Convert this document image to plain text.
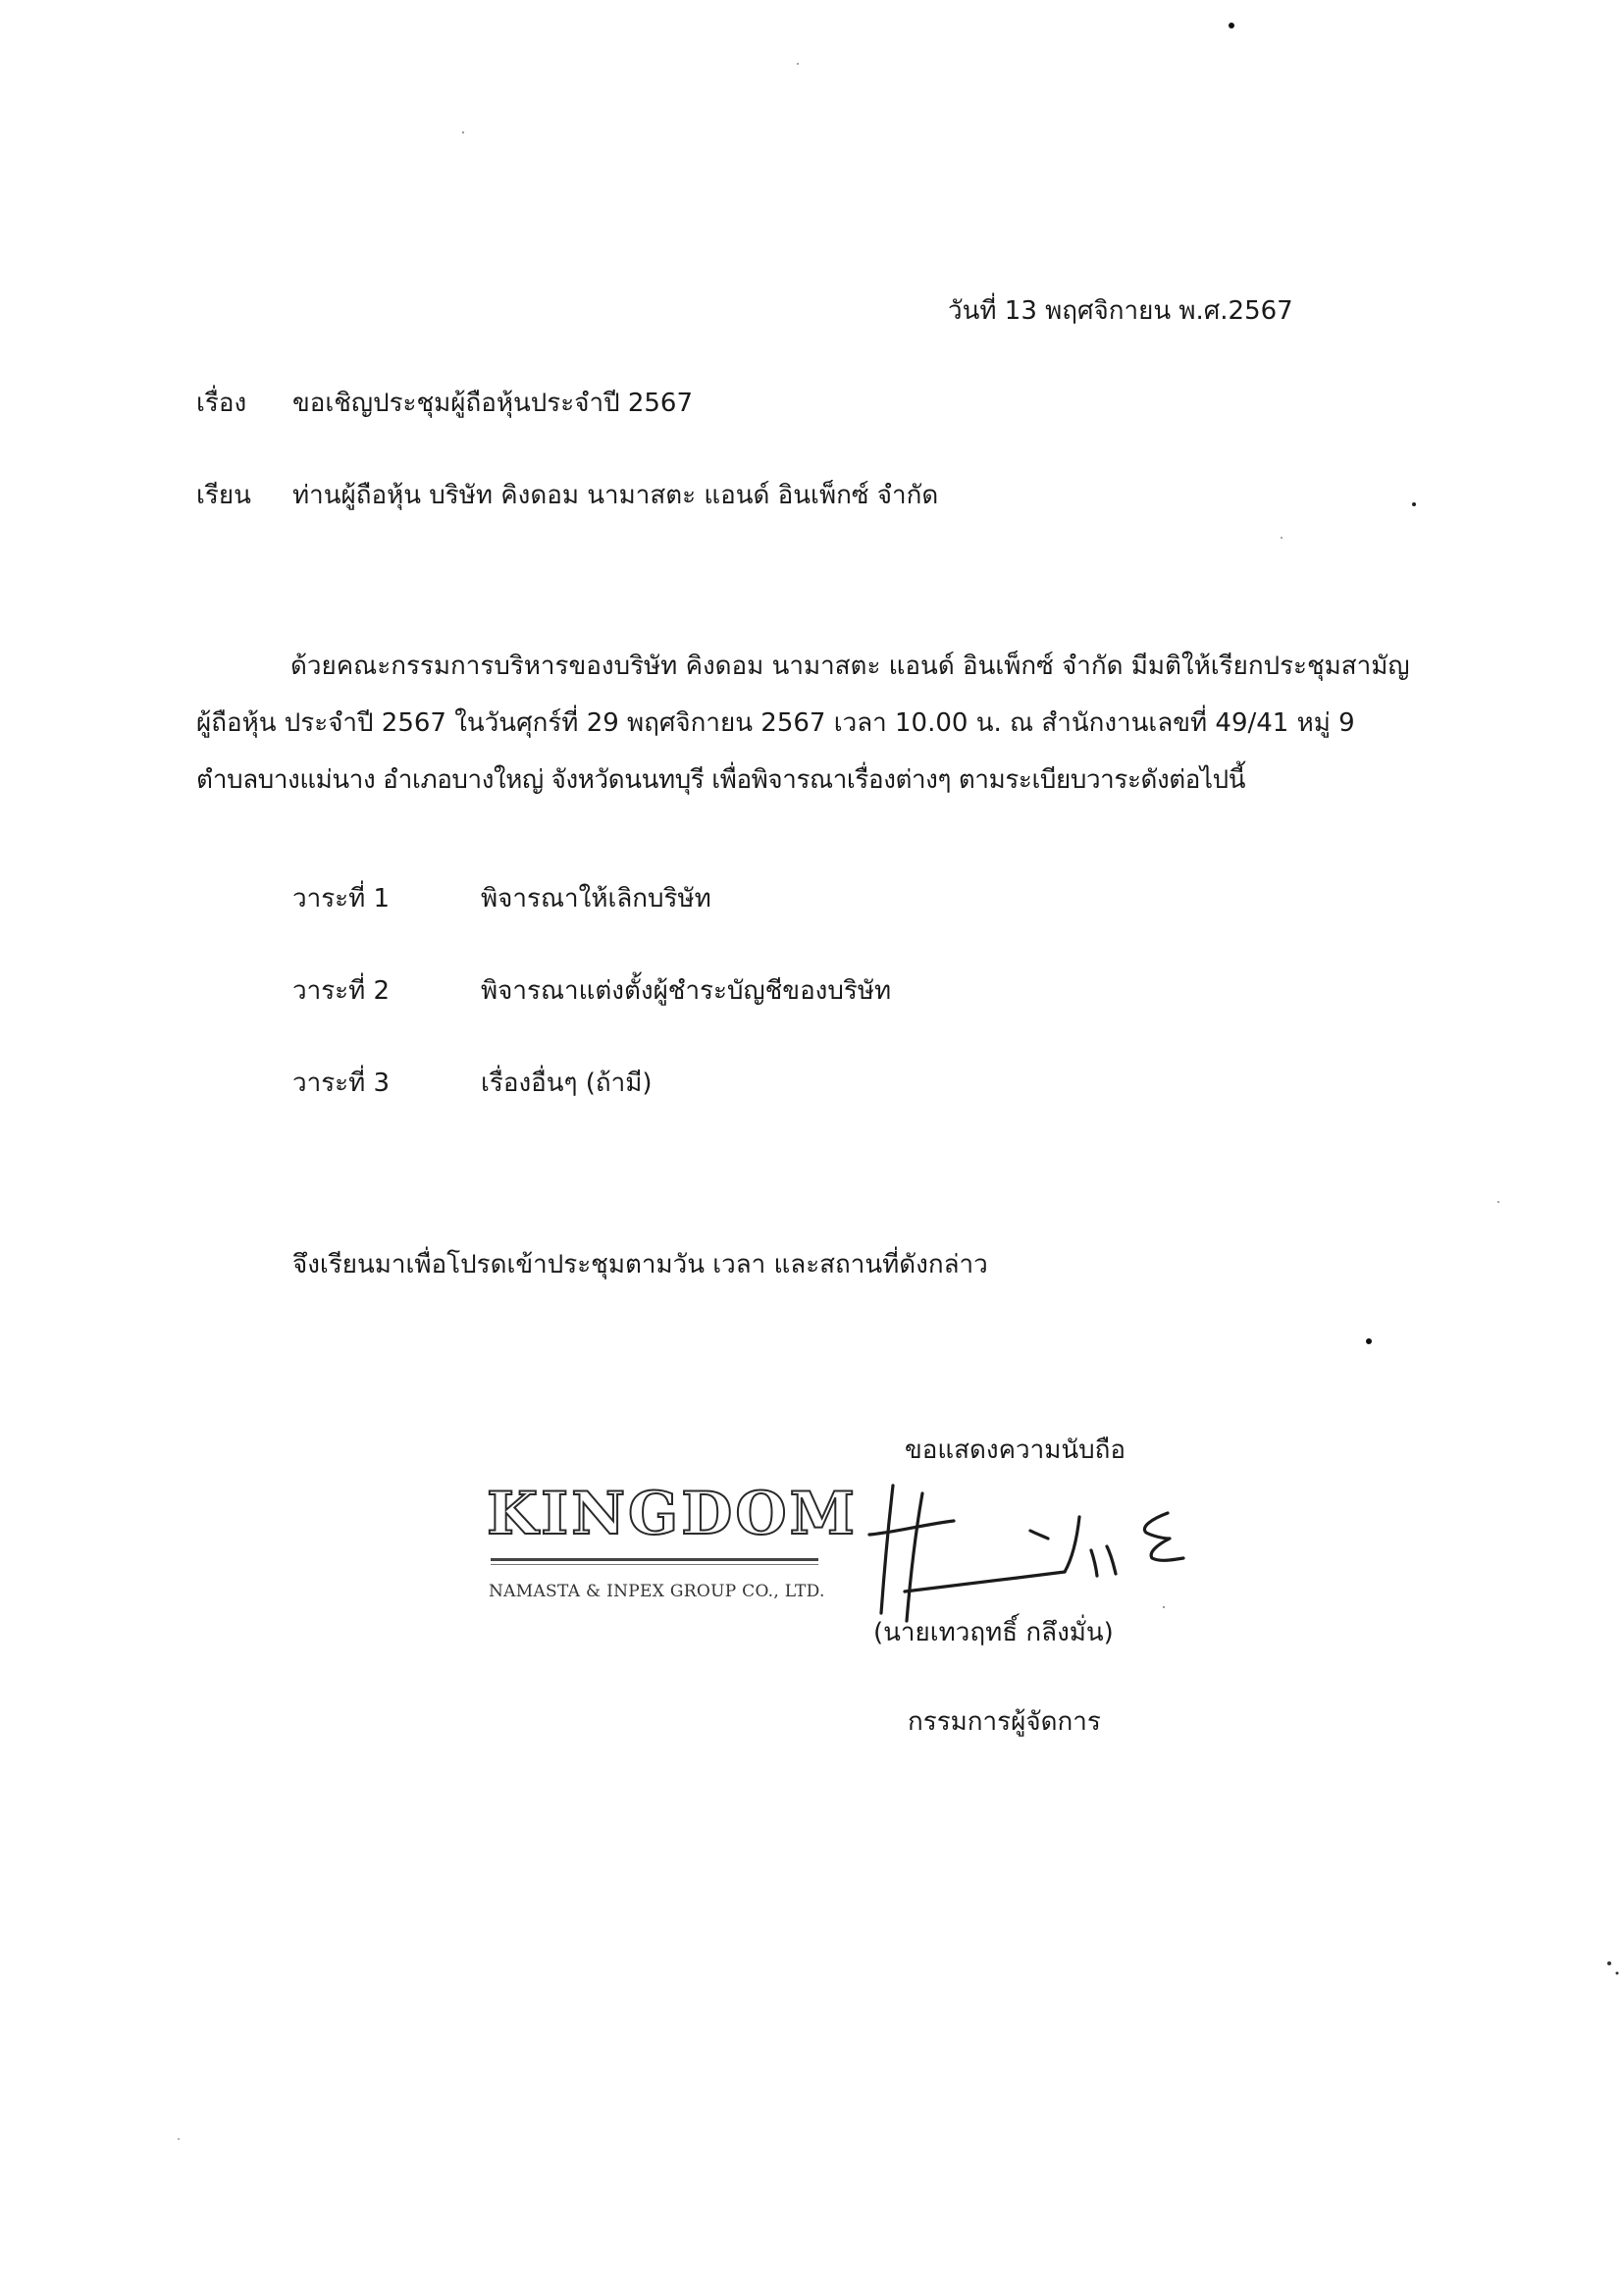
วันที่ 13 พฤศจิกายน พ.ศ.2567
เรื่อง ขอเชิญประชุมผู้ถือหุ้นประจำปี 2567
เรียน ท่านผู้ถือหุ้น บริษัท คิงดอม นามาสตะ แอนด์ อินเพ็กซ์ จำกัด

ด้วยคณะกรรมการบริหารของบริษัท คิงดอม นามาสตะ แอนด์ อินเพ็กซ์ จำกัด มีมติให้เรียกประชุมสามัญ

ผู้ถือหุ้น ประจำปี 2567 ในวันศุกร์ที่ 29 พฤศจิกายน 2567 เวลา 10.00 น. ณ สำนักงานเลขที่ 49/41 หมู่ 9

ตำบลบางแม่นาง อำเภอบางใหญ่ จังหวัดนนทบุรี เพื่อพิจารณาเรื่องต่างๆ ตามระเบียบวาระดังต่อไปนี้

วาระที่ 1	พิจารณาให้เลิกบริษัท
วาระที่ 2	พิจารณาแต่งตั้งผู้ชำระบัญชีของบริษัท
วาระที่ 3	เรื่องอื่นๆ (ถ้ามี)
จึงเรียนมาเพื่อโปรดเข้าประชุมตามวัน เวลา และสถานที่ดังกล่าว
ขอแสดงความนับถือ
KINGDOM
NAMASTA & INPEX GROUP CO., LTD.
(นายเทวฤทธิ์ กลึงมั่น)
กรรมการผู้จัดการ
